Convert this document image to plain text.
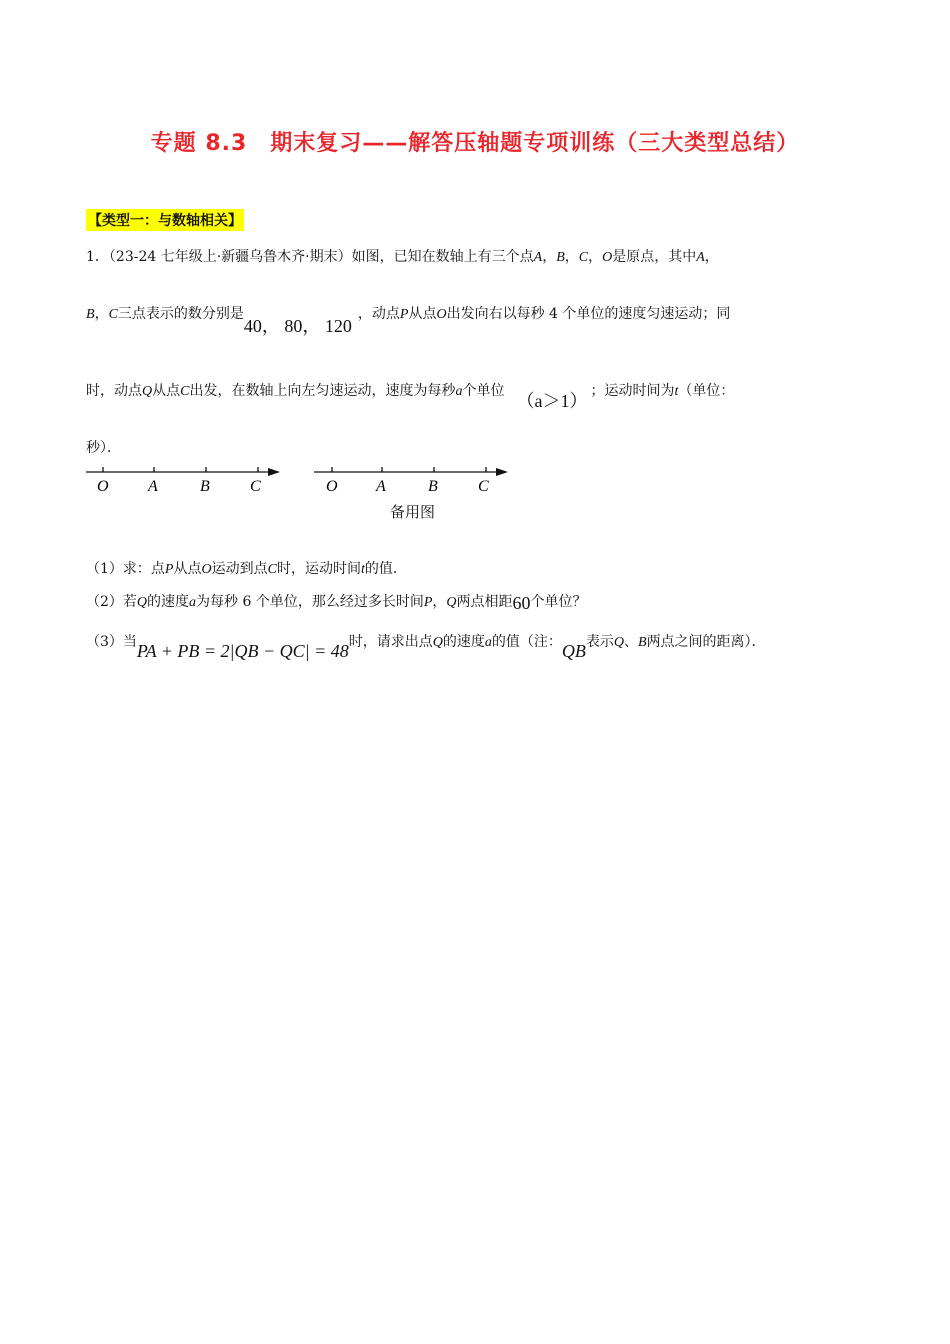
专题 8.3　期末复习——解答压轴题专项训练（三大类型总结）
【类型一：与数轴相关】
1．（23-24 七年级上·新疆乌鲁木齐·期末）如图，已知在数轴上有三个点A，B，C，O是原点，其中A，
B，C三点表示的数分别是40， 80， 120，动点P从点O出发向右以每秒 4 个单位的速度匀速运动；同
时，动点Q从点C出发，在数轴上向左匀速运动，速度为每秒a个单位 （a＞1） ；运动时间为t（单位：
秒）．
O A	B	C	O A	B	C
备用图
（1）求：点P从点O运动到点C时，运动时间t的值．
（2）若Q的速度a为每秒 6 个单位，那么经过多长时间P，Q两点相距60个单位？
（3）当PA + PB = 2|QB − QC| = 48时，请求出点Q的速度a的值（注：QB表示Q、B两点之间的距离）．
